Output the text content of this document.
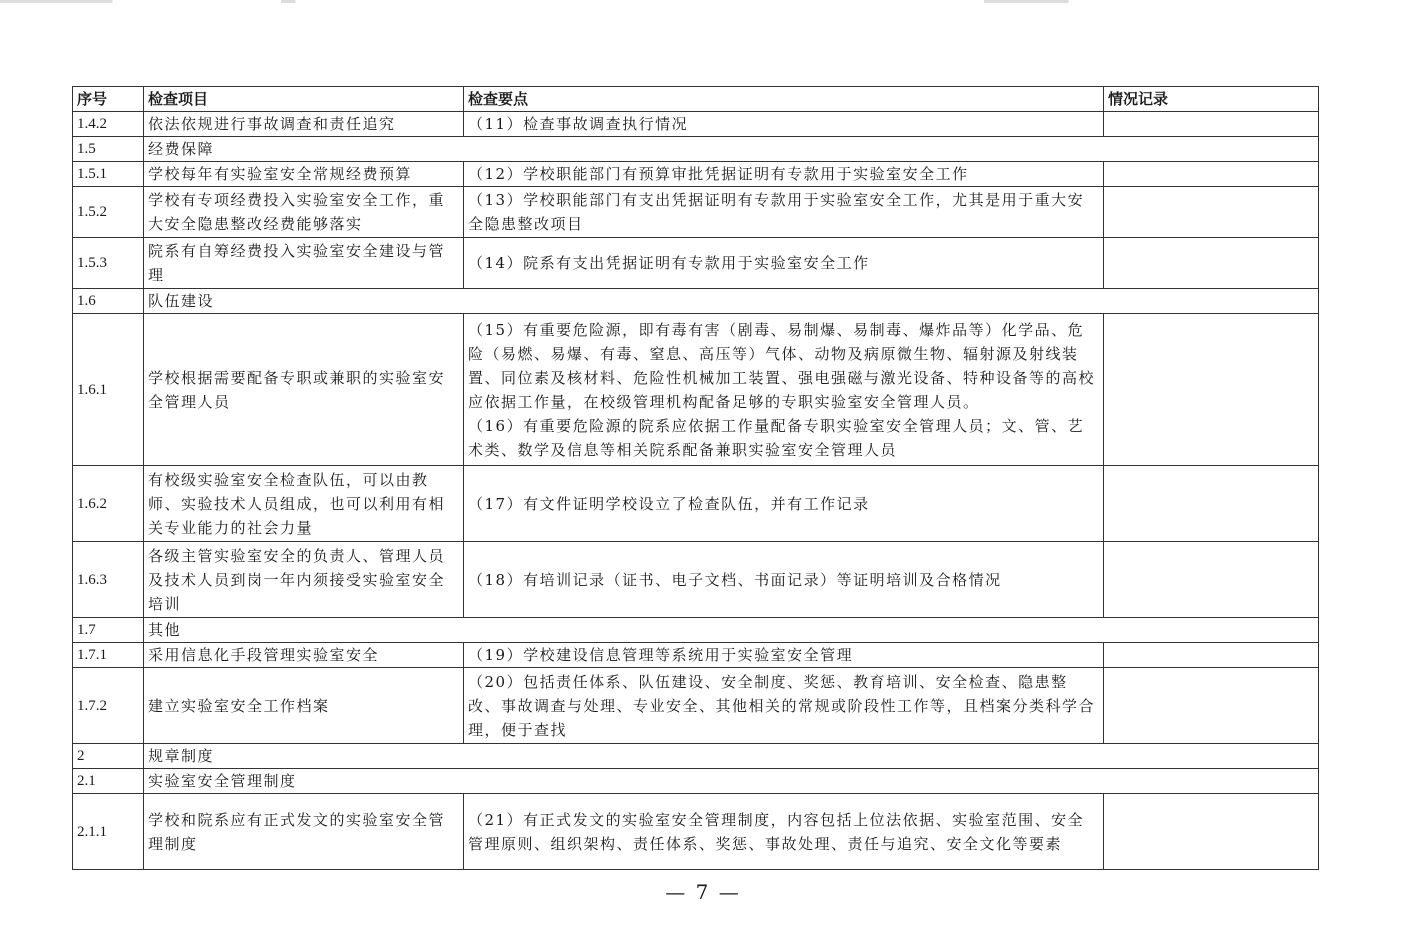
序号	检查项目	检查要点	情况记录
1.4.2	依法依规进行事故调查和责任追究	（11）检查事故调查执行情况	
1.5	经费保障		
1.5.1	学校每年有实验室安全常规经费预算	（12）学校职能部门有预算审批凭据证明有专款用于实验室安全工作	
1.5.2	学校有专项经费投入实验室安全工作，重大安全隐患整改经费能够落实	（13）学校职能部门有支出凭据证明有专款用于实验室安全工作，尤其是用于重大安全隐患整改项目	
1.5.3	院系有自筹经费投入实验室安全建设与管理	（14）院系有支出凭据证明有专款用于实验室安全工作	
1.6	队伍建设		
1.6.1	学校根据需要配备专职或兼职的实验室安全管理人员	（15）有重要危险源，即有毒有害（剧毒、易制爆、易制毒、爆炸品等）化学品、危险（易燃、易爆、有毒、窒息、高压等）气体、动物及病原微生物、辐射源及射线装置、同位素及核材料、危险性机械加工装置、强电强磁与激光设备、特种设备等的高校应依据工作量，在校级管理机构配备足够的专职实验室安全管理人员。
（16）有重要危险源的院系应依据工作量配备专职实验室安全管理人员；文、管、艺术类、数学及信息等相关院系配备兼职实验室安全管理人员	

1.6.2	有校级实验室安全检查队伍，可以由教师、实验技术人员组成，也可以利用有相关专业能力的社会力量	（17）有文件证明学校设立了检查队伍，并有工作记录	
1.6.3	各级主管实验室安全的负责人、管理人员及技术人员到岗一年内须接受实验室安全培训	（18）有培训记录（证书、电子文档、书面记录）等证明培训及合格情况	
1.7	其他		
1.7.1	采用信息化手段管理实验室安全	（19）学校建设信息管理等系统用于实验室安全管理	
1.7.2	建立实验室安全工作档案	（20）包括责任体系、队伍建设、安全制度、奖惩、教育培训、安全检查、隐患整改、事故调查与处理、专业安全、其他相关的常规或阶段性工作等，且档案分类科学合理，便于查找	
2	规章制度		
2.1	实验室安全管理制度		
2.1.1	学校和院系应有正式发文的实验室安全管理制度	（21）有正式发文的实验室安全管理制度，内容包括上位法依据、实验室范围、安全管理原则、组织架构、责任体系、奖惩、事故处理、责任与追究、安全文化等要素	
— 7 —
